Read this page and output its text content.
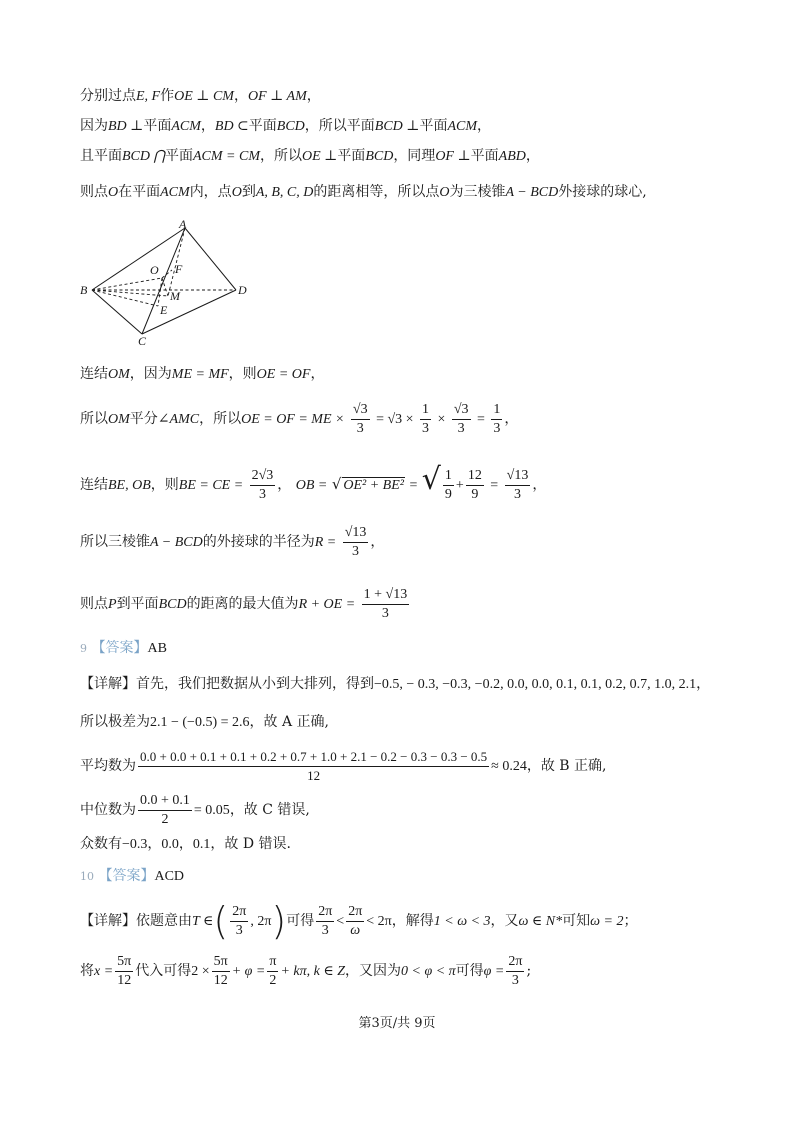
分别过点E, F作OE ⊥ CM，OF ⊥ AM，
因为BD ⊥平面ACM，BD ⊂平面BCD，所以平面BCD ⊥平面ACM，
且平面BCD ⋂平面ACM = CM，所以OE ⊥平面BCD，同理OF ⊥平面ABD，
则点O在平面ACM内，点O到A, B, C, D的距离相等，所以点O为三棱锥A − BCD外接球的球心,
A
B
C
D
O F
M
E
连结OM，因为ME = MF，则OE = OF，
所以OM平分∠AMC，所以OE = OF = ME × $\frac{√3}{3} = √3 \times \frac{1}{3} \times \frac{√3}{3} = \frac{1}{3}$ ，
连结BE, OB，则BE = CE = $\frac{2√3}{3}$ ， OB = √ OE² + BE² = √ $\frac{1}{9} + \frac{12}{9} = \frac{√13}{3}$ ，
所以三棱锥A − BCD的外接球的半径为$R = \frac{√13}{3}$ ，
则点P到平面BCD的距离的最大值为R + OE = $\frac{1 + √13}{3}$
9 【答案】AB
【详解】首先，我们把数据从小到大排列，得到−0.5, − 0.3, −0.3, −0.2, 0.0, 0.0, 0.1, 0.1, 0.2, 0.7, 1.0, 2.1，
所以极差为2.1 − (−0.5) = 2.6，故 A 正确,
平均数为
0.0 + 0.0 + 0.1 + 0.1 + 0.2 + 0.7 + 1.0 + 2.1 − 0.2 − 0.3 − 0.3 − 0.5
12
≈ 0.24，故 B 正确,
中位数为 $\frac{0.0 + 0.1}{2} = 0.05$，故 C 错误,
众数有−0.3，0.0，0.1，故 D 错误.
10 【答案】ACD
【详解】依题意由T ∈( $\frac{2\pi}{3}$ , 2π)可得 $\frac{2\pi}{3} < \frac{2\pi}{\omega} < 2\pi$，解得1 < ω < 3，又ω ∈ N*可知ω = 2；
将$x = \frac{5\pi}{12}$ 代入可得$2 \times \frac{5\pi}{12} + \varphi = \frac{\pi}{2} + k\pi$, k ∈ Z，又因为0 < φ < π可得$\varphi = \frac{2\pi}{3}$ ;
第3页/共 9页
